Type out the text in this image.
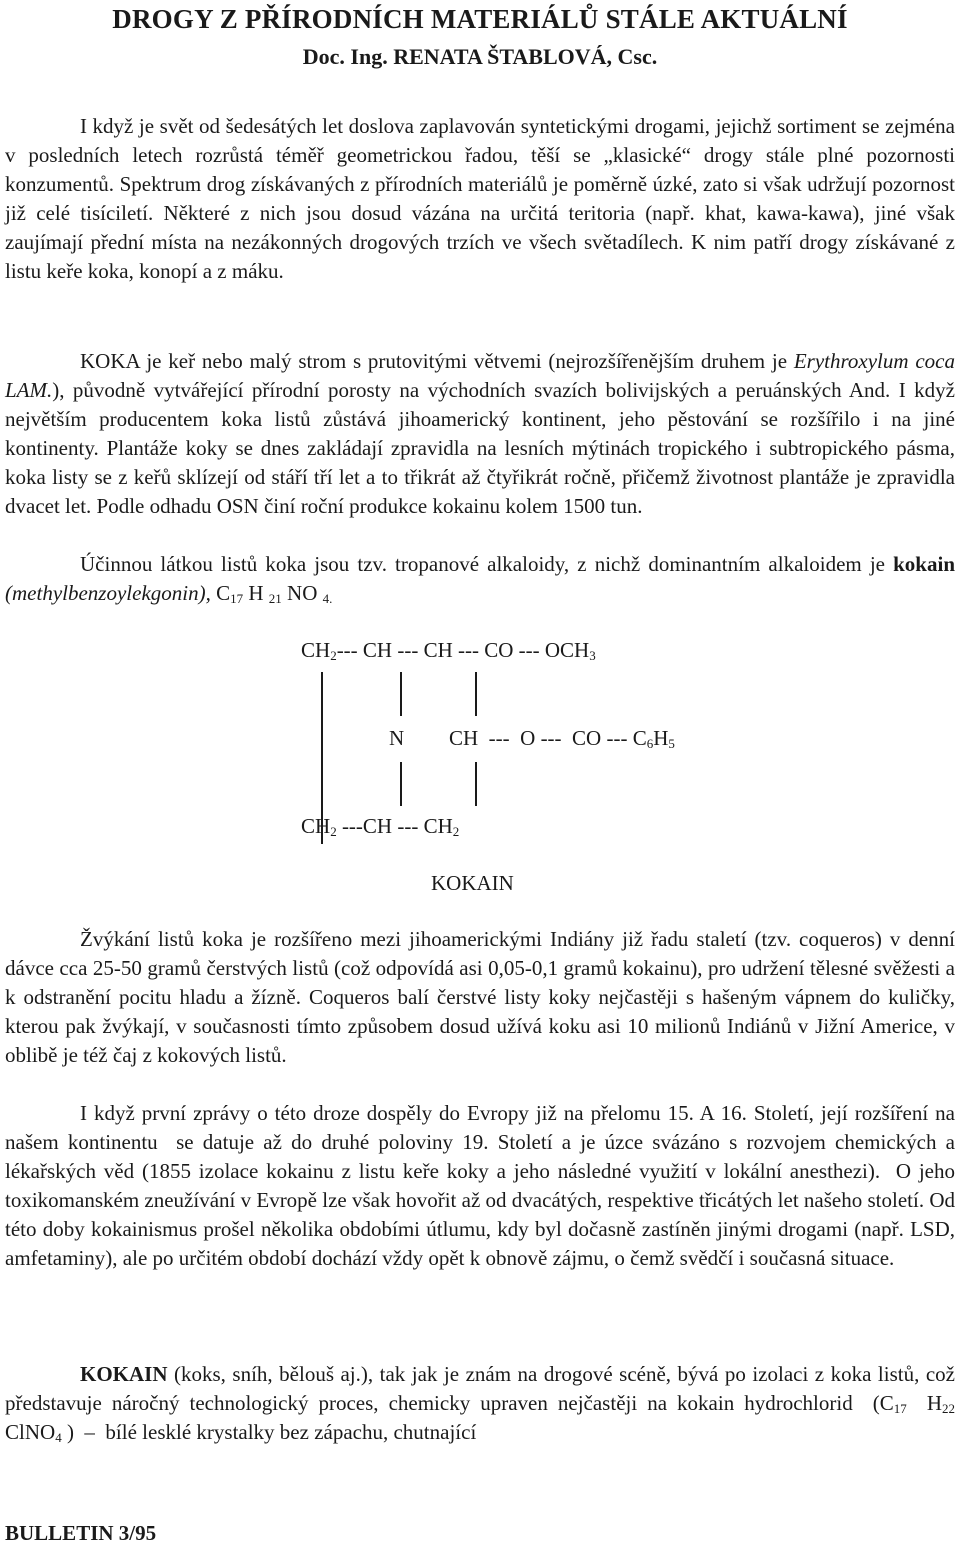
DROGY Z PŘÍRODNÍCH MATERIÁLŮ STÁLE AKTUÁLNÍ
Doc. Ing. RENATA ŠTABLOVÁ, Csc.
I když je svět od šedesátých let doslova zaplavován syntetickými drogami, jejichž sortiment se zejména v posledních letech rozrůstá téměř geometrickou řadou, těší se „klasické“ drogy stále plné pozornosti konzumentů. Spektrum drog získávaných z přírodních materiálů je poměrně úzké, zato si však udržují pozornost již celé tisíciletí. Některé z nich jsou dosud vázána na určitá teritoria (např. khat, kawa-kawa), jiné však zaujímají přední místa na nezákonných drogových trzích ve všech světadílech. K nim patří drogy získávané z listu keře koka, konopí a z máku.
KOKA je keř nebo malý strom s prutovitými větvemi (nejrozšířenějším druhem je Erythroxylum coca LAM.), původně vytvářející přírodní porosty na východních svazích bolivijských a peruánských And. I když největším producentem koka listů zůstává jihoamerický kontinent, jeho pěstování se rozšířilo i na jiné kontinenty. Plantáže koky se dnes zakládají zpravidla na lesních mýtinách tropického i subtropického pásma, koka listy se z keřů sklízejí od stáří tří let a to třikrát až čtyřikrát ročně, přičemž životnost plantáže je zpravidla dvacet let. Podle odhadu OSN činí roční produkce kokainu kolem 1500 tun.
Účinnou látkou listů koka jsou tzv. tropanové alkaloidy, z nichž dominantním alkaloidem je kokain (methylbenzoylekgonin), $C_{17}$ H $_{21}$ NO $_{4.}$
$CH_2---$ CH --- CH --- CO --- $OCH_3$
N CH  ---  O ---  CO --- $C_6H_5$
$CH_2$ ---CH --- $CH_2$
KOKAIN
Žvýkání listů koka je rozšířeno mezi jihoamerickými Indiány již řadu staletí (tzv. coqueros) v denní dávce cca 25-50 gramů čerstvých listů (což odpovídá asi 0,05-0,1 gramů kokainu), pro udržení tělesné svěžesti a k odstranění pocitu hladu a žízně. Coqueros balí čerstvé listy koky nejčastěji s hašeným vápnem do kuličky, kterou pak žvýkají, v současnosti tímto způsobem dosud užívá koku asi 10 milionů Indiánů v Jižní Americe, v oblibě je též čaj z kokových listů.
I když první zprávy o této droze dospěly do Evropy již na přelomu 15. A 16. Století, její rozšíření na našem kontinentu  se datuje až do druhé poloviny 19. Století a je úzce svázáno s rozvojem chemických a lékařských věd (1855 izolace kokainu z listu keře koky a jeho následné využití v lokální anesthezi).  O jeho toxikomanském zneužívání v Evropě lze však hovořit až od dvacátých, respektive třicátých let našeho století. Od této doby kokainismus prošel několika obdobími útlumu, kdy byl dočasně zastíněn jinými drogami (např. LSD, amfetaminy), ale po určitém období dochází vždy opět k obnově zájmu, o čemž svědčí i současná situace.
KOKAIN (koks, sníh, bělouš aj.), tak jak je znám na drogové scéně, bývá po izolaci z koka listů, což představuje náročný technologický proces, chemicky upraven nejčastěji na kokain hydrochlorid  ($C_{17}$  $H_{22}$  ClNO$_4$ )  –  bílé lesklé krystalky bez zápachu, chutnající
BULLETIN 3/95
